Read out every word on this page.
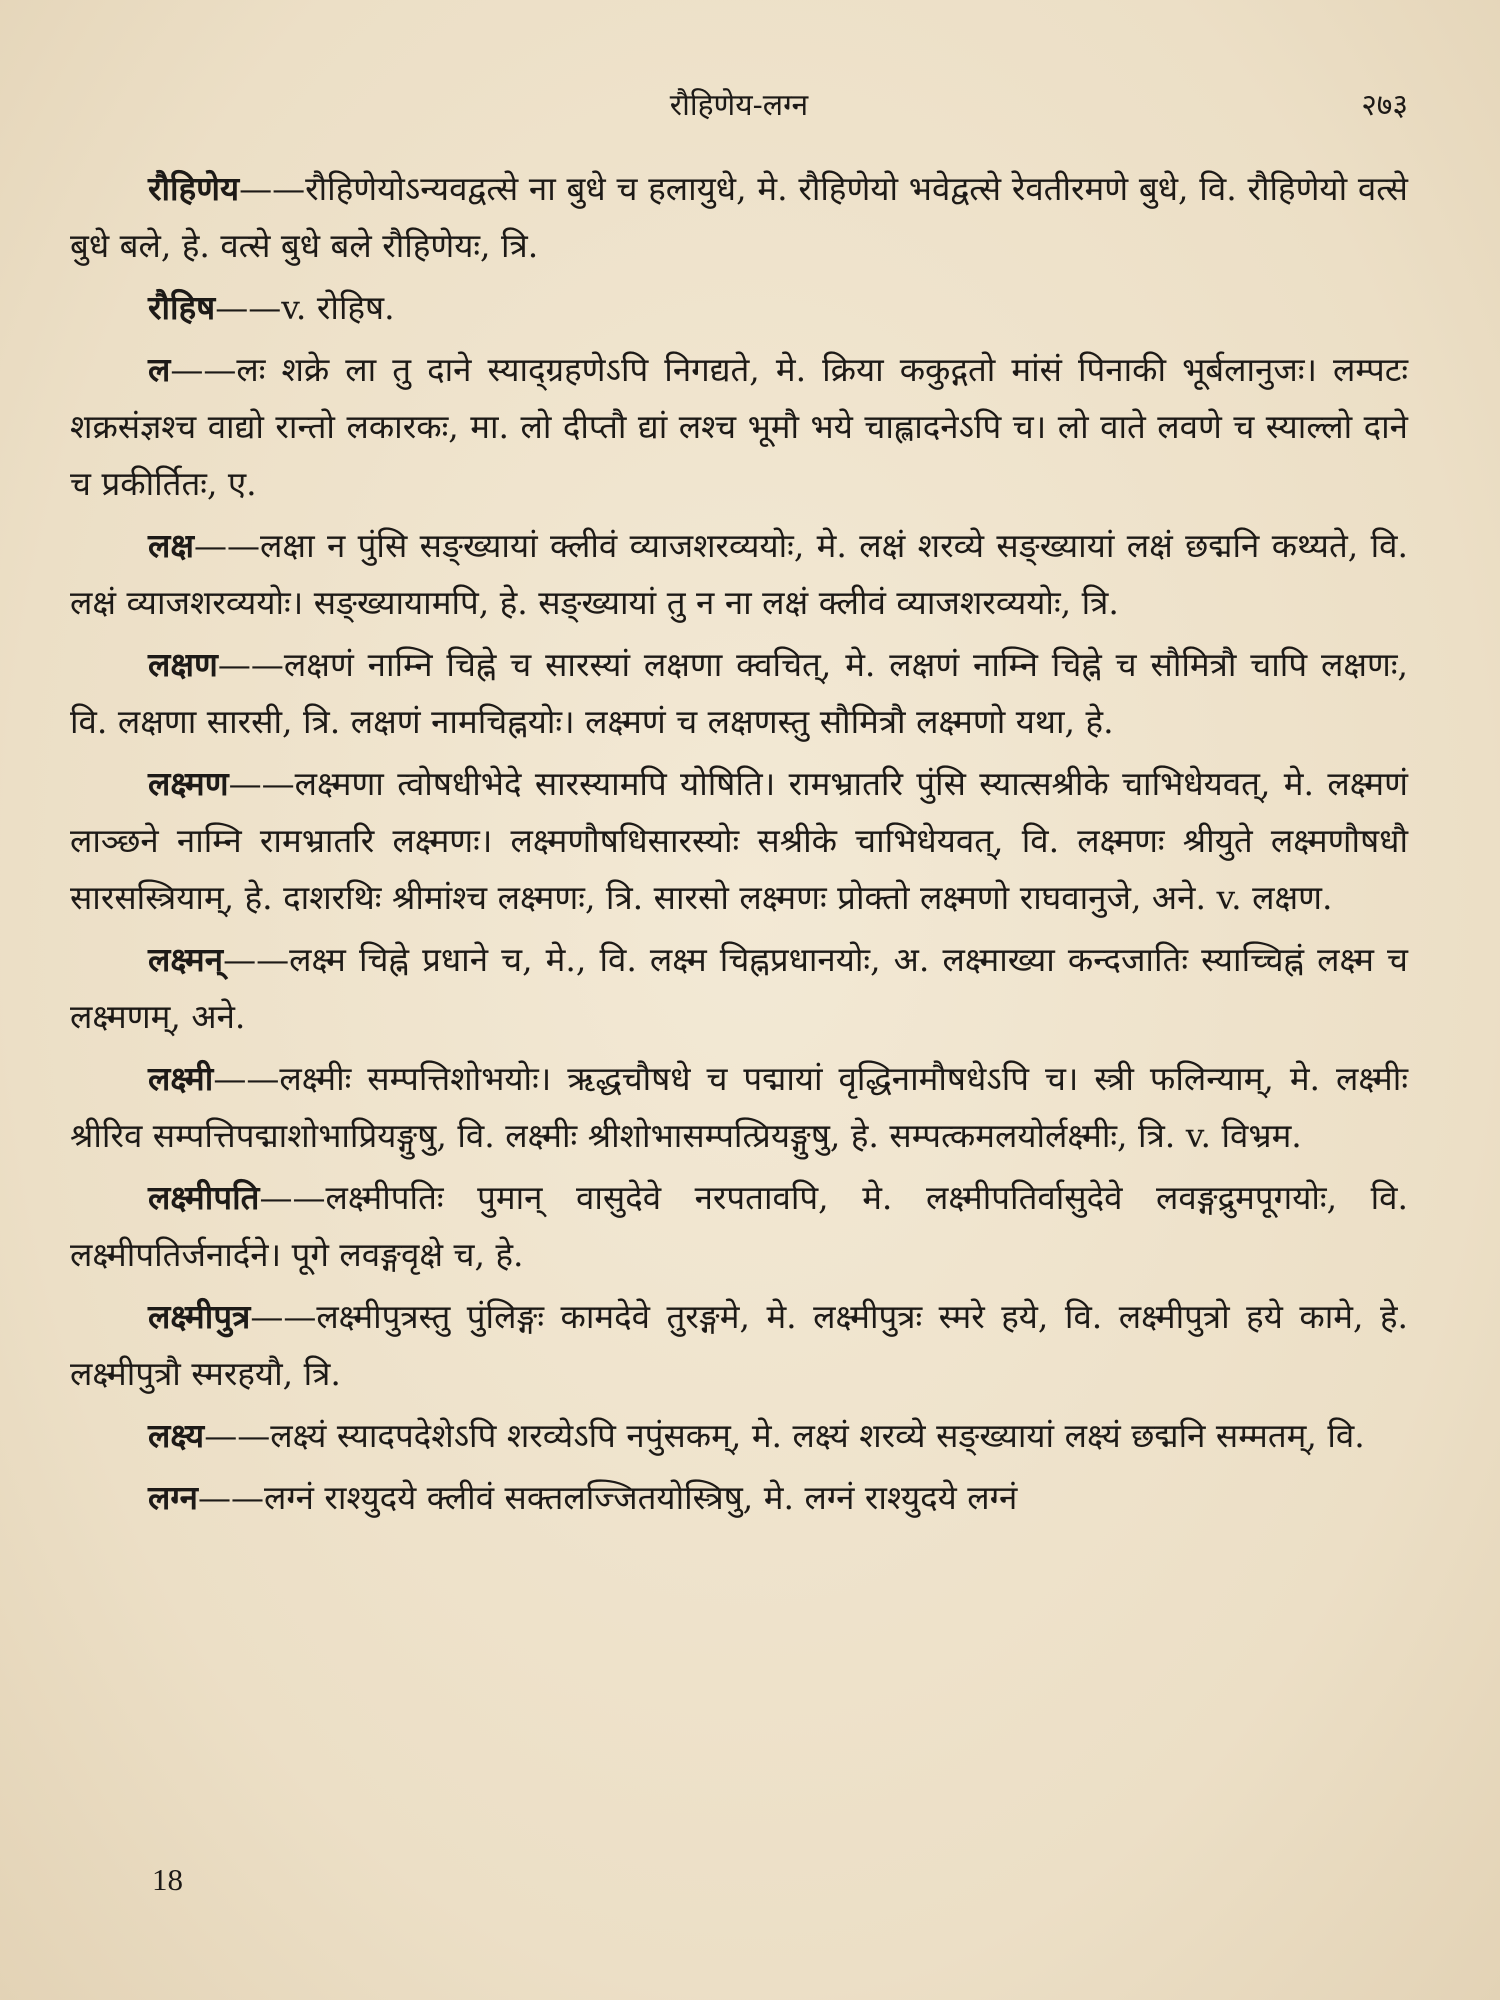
रौहिणेय-लग्न	२७३

रौहिणेय——रौहिणेयोऽन्यवद्वत्से ना बुधे च हलायुधे, मे. रौहिणेयो भवेद्वत्से रेवतीरमणे बुधे, वि. रौहिणेयो वत्से बुधे बले, हे. वत्से बुधे बले रौहिणेयः, त्रि.

रौहिष——v. रोहिष.

ल——लः शक्रे ला तु दाने स्याद्ग्रहणेऽपि निगद्यते, मे. क्रिया ककुद्गतो मांसं पिनाकी भूर्बलानुजः। लम्पटः शक्रसंज्ञश्च वाद्यो रान्तो लकारकः, मा. लो दीप्तौ द्यां लश्च भूमौ भये चाह्लादनेऽपि च। लो वाते लवणे च स्याल्लो दाने च प्रकीर्तितः, ए.

लक्ष——लक्षा न पुंसि सङ्ख्यायां क्लीवं व्याजशरव्ययोः, मे. लक्षं शरव्ये सङ्ख्यायां लक्षं छद्मनि कथ्यते, वि. लक्षं व्याजशरव्ययोः। सङ्ख्यायामपि, हे. सङ्ख्यायां तु न ना लक्षं क्लीवं व्याजशरव्ययोः, त्रि.

लक्षण——लक्षणं नाम्नि चिह्ने च सारस्यां लक्षणा क्वचित्, मे. लक्षणं नाम्नि चिह्ने च सौमित्रौ चापि लक्षणः, वि. लक्षणा सारसी, त्रि. लक्षणं नामचिह्नयोः। लक्ष्मणं च लक्षणस्तु सौमित्रौ लक्ष्मणो यथा, हे.

लक्ष्मण——लक्ष्मणा त्वोषधीभेदे सारस्यामपि योषिति। रामभ्रातरि पुंसि स्यात्सश्रीके चाभिधेयवत्, मे. लक्ष्मणं लाञ्छने नाम्नि रामभ्रातरि लक्ष्मणः। लक्ष्मणौषधिसारस्योः सश्रीके चाभिधेयवत्, वि. लक्ष्मणः श्रीयुते लक्ष्मणौषधौ सारसस्त्रियाम्, हे. दाशरथिः श्रीमांश्च लक्ष्मणः, त्रि. सारसो लक्ष्मणः प्रोक्तो लक्ष्मणो राघवानुजे, अने. v. लक्षण.

लक्ष्मन्——लक्ष्म चिह्ने प्रधाने च, मे., वि. लक्ष्म चिह्नप्रधानयोः, अ. लक्ष्माख्या कन्दजातिः स्याच्चिह्नं लक्ष्म च लक्ष्मणम्, अने.

लक्ष्मी——लक्ष्मीः सम्पत्तिशोभयोः। ऋद्धचौषधे च पद्मायां वृद्धिनामौषधेऽपि च। स्त्री फलिन्याम्, मे. लक्ष्मीः श्रीरिव सम्पत्तिपद्माशोभाप्रियङ्गुषु, वि. लक्ष्मीः श्रीशोभासम्पत्प्रियङ्गुषु, हे. सम्पत्कमलयोर्लक्ष्मीः, त्रि. v. विभ्रम.

लक्ष्मीपति——लक्ष्मीपतिः पुमान् वासुदेवे नरपतावपि, मे. लक्ष्मीपतिर्वासुदेवे लवङ्गद्रुमपूगयोः, वि. लक्ष्मीपतिर्जनार्दने। पूगे लवङ्गवृक्षे च, हे.

लक्ष्मीपुत्र——लक्ष्मीपुत्रस्तु पुंलिङ्गः कामदेवे तुरङ्गमे, मे. लक्ष्मीपुत्रः स्मरे हये, वि. लक्ष्मीपुत्रो हये कामे, हे. लक्ष्मीपुत्रौ स्मरहयौ, त्रि.

लक्ष्य——लक्ष्यं स्यादपदेशेऽपि शरव्येऽपि नपुंसकम्, मे. लक्ष्यं शरव्ये सङ्ख्यायां लक्ष्यं छद्मनि सम्मतम्, वि.

लग्न——लग्नं राश्युदये क्लीवं सक्तलज्जितयोस्त्रिषु, मे. लग्नं राश्युदये लग्नं

18
